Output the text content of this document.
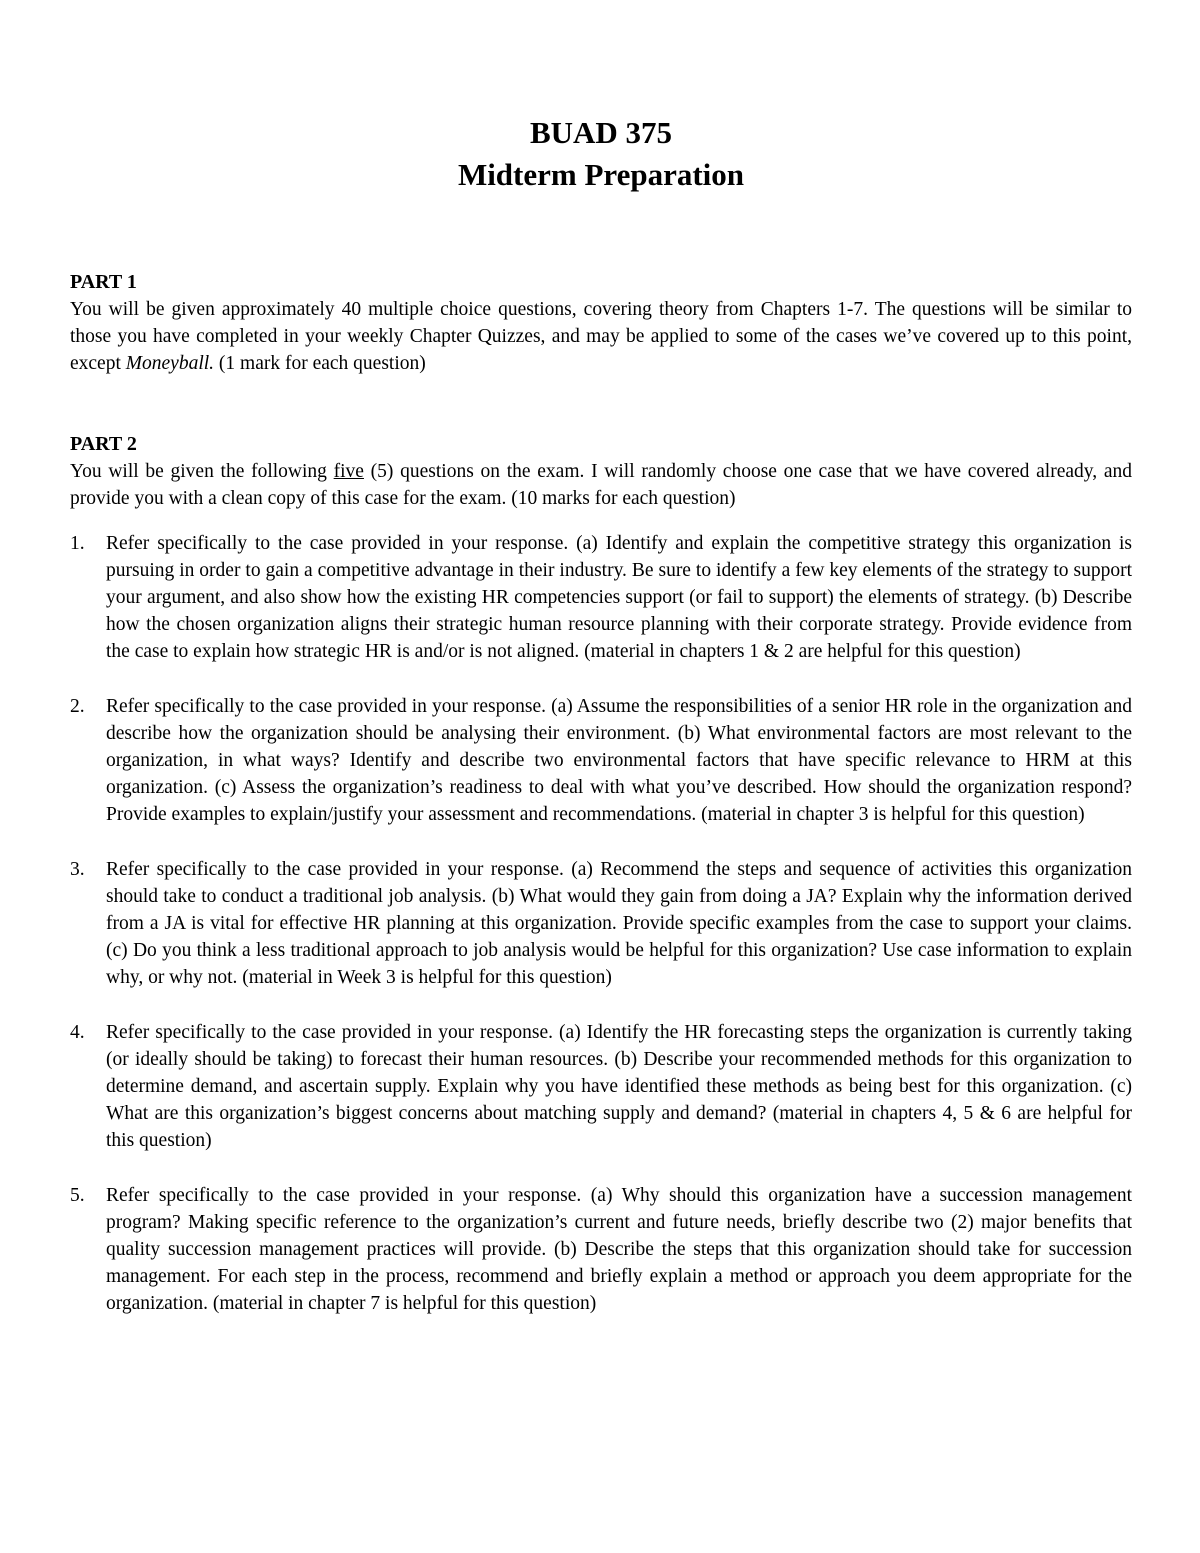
BUAD 375
Midterm Preparation
PART 1

You will be given approximately 40 multiple choice questions, covering theory from Chapters 1-7. The questions will be similar to those you have completed in your weekly Chapter Quizzes, and may be applied to some of the cases we’ve covered up to this point, except Moneyball. (1 mark for each question)

PART 2

You will be given the following five (5) questions on the exam. I will randomly choose one case that we have covered already, and provide you with a clean copy of this case for the exam. (10 marks for each question)

1.	Refer specifically to the case provided in your response. (a) Identify and explain the competitive strategy this organization is pursuing in order to gain a competitive advantage in their industry. Be sure to identify a few key elements of the strategy to support your argument, and also show how the existing HR competencies support (or fail to support) the elements of strategy. (b) Describe how the chosen organization aligns their strategic human resource planning with their corporate strategy. Provide evidence from the case to explain how strategic HR is and/or is not aligned. (material in chapters 1 & 2 are helpful for this question)
2.	Refer specifically to the case provided in your response. (a) Assume the responsibilities of a senior HR role in the organization and describe how the organization should be analysing their environment. (b) What environmental factors are most relevant to the organization, in what ways? Identify and describe two environmental factors that have specific relevance to HRM at this organization. (c) Assess the organization’s readiness to deal with what you’ve described. How should the organization respond? Provide examples to explain/justify your assessment and recommendations. (material in chapter 3 is helpful for this question)
3.	Refer specifically to the case provided in your response. (a) Recommend the steps and sequence of activities this organization should take to conduct a traditional job analysis. (b) What would they gain from doing a JA? Explain why the information derived from a JA is vital for effective HR planning at this organization. Provide specific examples from the case to support your claims. (c) Do you think a less traditional approach to job analysis would be helpful for this organization? Use case information to explain why, or why not. (material in Week 3 is helpful for this question)
4.	Refer specifically to the case provided in your response. (a) Identify the HR forecasting steps the organization is currently taking (or ideally should be taking) to forecast their human resources. (b) Describe your recommended methods for this organization to determine demand, and ascertain supply. Explain why you have identified these methods as being best for this organization. (c) What are this organization’s biggest concerns about matching supply and demand? (material in chapters 4, 5 & 6 are helpful for this question)
5.	Refer specifically to the case provided in your response. (a) Why should this organization have a succession management program? Making specific reference to the organization’s current and future needs, briefly describe two (2) major benefits that quality succession management practices will provide. (b) Describe the steps that this organization should take for succession management. For each step in the process, recommend and briefly explain a method or approach you deem appropriate for the organization. (material in chapter 7 is helpful for this question)
